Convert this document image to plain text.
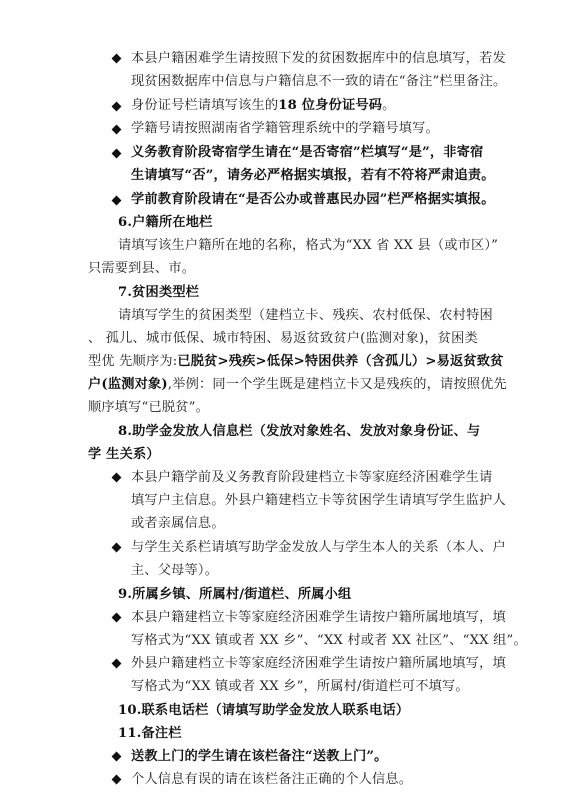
本县户籍困难学生请按照下发的贫困数据库中的信息填写，若发
现贫困数据库中信息与户籍信息不一致的请在“备注”栏里备注。
身份证号栏请填写该生的18 位身份证号码。
学籍号请按照湖南省学籍管理系统中的学籍号填写。
义务教育阶段寄宿学生请在“是否寄宿”栏填写“是”，非寄宿
生请填写“否”，请务必严格据实填报，若有不符将严肃追责。
学前教育阶段请在“是否公办或普惠民办园”栏严格据实填报。
6.户籍所在地栏
请填写该生户籍所在地的名称，格式为“XX 省 XX 县（或市区）”
只需要到县、市。
7.贫困类型栏
请填写学生的贫困类型（建档立卡、残疾、农村低保、农村特困
、 孤儿、城市低保、城市特困、易返贫致贫户(监测对象)，贫困类
型优 先顺序为:已脱贫>残疾>低保>特困供养（含孤儿）>易返贫致贫
户(监测对象),举例：同一个学生既是建档立卡又是残疾的，请按照优先
顺序填写“已脱贫”。
8.助学金发放人信息栏（发放对象姓名、发放对象身份证、与
学 生关系）
本县户籍学前及义务教育阶段建档立卡等家庭经济困难学生请
填写户主信息。外县户籍建档立卡等贫困学生请填写学生监护人
或者亲属信息。
与学生关系栏请填写助学金发放人与学生本人的关系（本人、户
主、父母等）。
9.所属乡镇、所属村/街道栏、所属小组
本县户籍建档立卡等家庭经济困难学生请按户籍所属地填写，填
写格式为“XX 镇或者 XX 乡”、“XX 村或者 XX 社区”、“XX 组”。
外县户籍建档立卡等家庭经济困难学生请按户籍所属地填写，填
写格式为“XX 镇或者 XX 乡”，所属村/街道栏可不填写。
10.联系电话栏（请填写助学金发放人联系电话）
11.备注栏
送教上门的学生请在该栏备注“送教上门”。
个人信息有误的请在该栏备注正确的个人信息。
